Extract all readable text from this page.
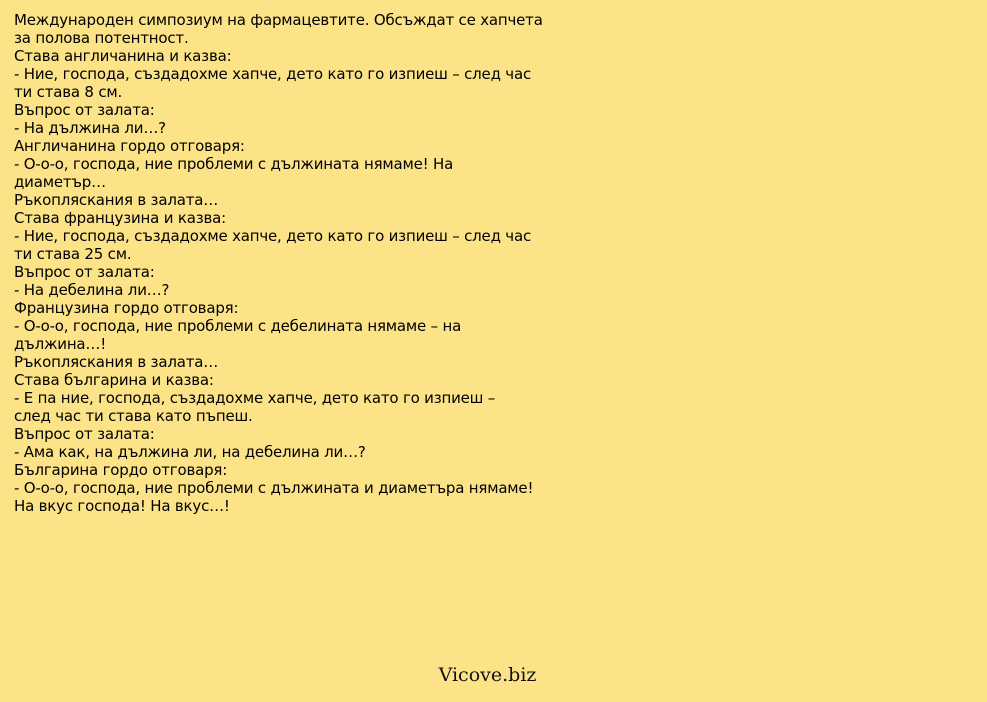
Международен симпозиум на фармацевтите. Обсъждат се хапчета
за полова потентност.
Става англичанина и казва:
- Ние, господа, създадохме хапче, дето като го изпиеш – след час
ти става 8 см.
Въпрос от залата:
- На дължина ли…?
Англичанина гордо отговаря:
- О-о-о, господа, ние проблеми с дължината нямаме! На
диаметър…
Ръкопляскания в залата…
Става французина и казва:
- Ние, господа, създадохме хапче, дето като го изпиеш – след час
ти става 25 см.
Въпрос от залата:
- На дебелина ли…?
Французина гордо отговаря:
- О-о-о, господа, ние проблеми с дебелината нямаме – на
дължина…!
Ръкопляскания в залата…
Става българина и казва:
- Е па ние, господа, създадохме хапче, дето като го изпиеш –
след час ти става като пъпеш.
Въпрос от залата:
- Ама как, на дължина ли, на дебелина ли…?
Българина гордо отговаря:
- О-о-о, господа, ние проблеми с дължината и диаметъра нямаме!
На вкус господа! На вкус…!
Vicove.biz
